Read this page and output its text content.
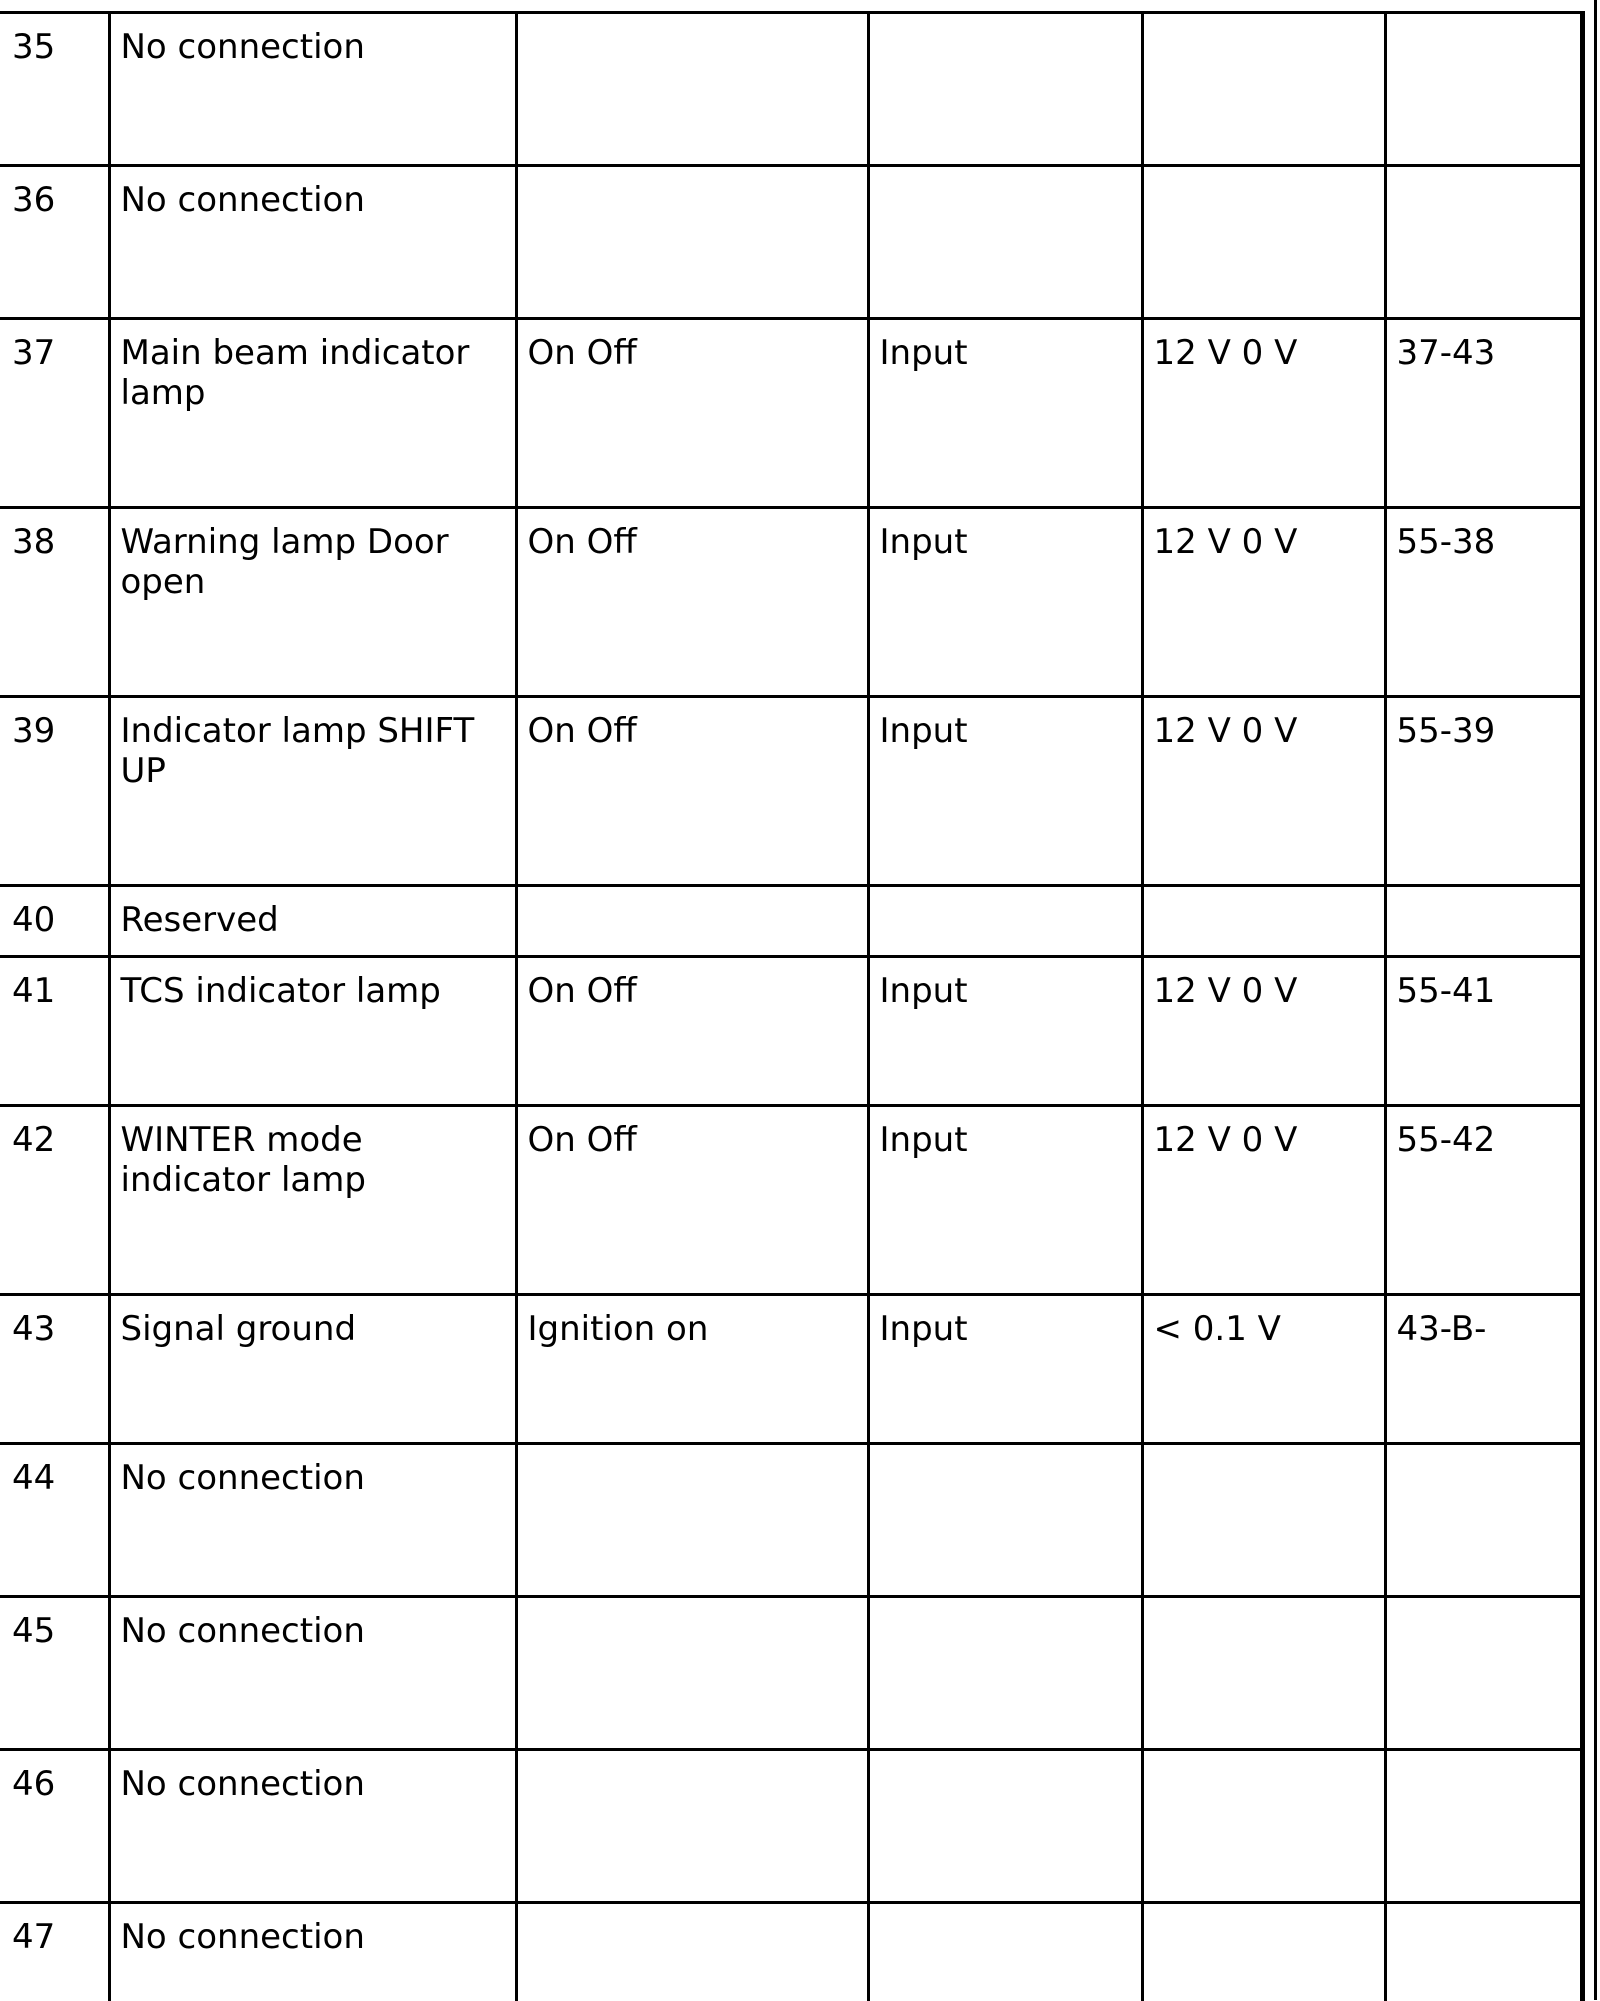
35	No connection				
36	No connection				
37	Main beam indicator lamp	On Off	Input	12 V 0 V	37-43
38	Warning lamp Door open	On Off	Input	12 V 0 V	55-38
39	Indicator lamp SHIFT UP	On Off	Input	12 V 0 V	55-39
40	Reserved				
41	TCS indicator lamp	On Off	Input	12 V 0 V	55-41
42	WINTER mode indicator lamp	On Off	Input	12 V 0 V	55-42
43	Signal ground	Ignition on	Input	< 0.1 V	43-B-
44	No connection				
45	No connection				
46	No connection				
47	No connection				
